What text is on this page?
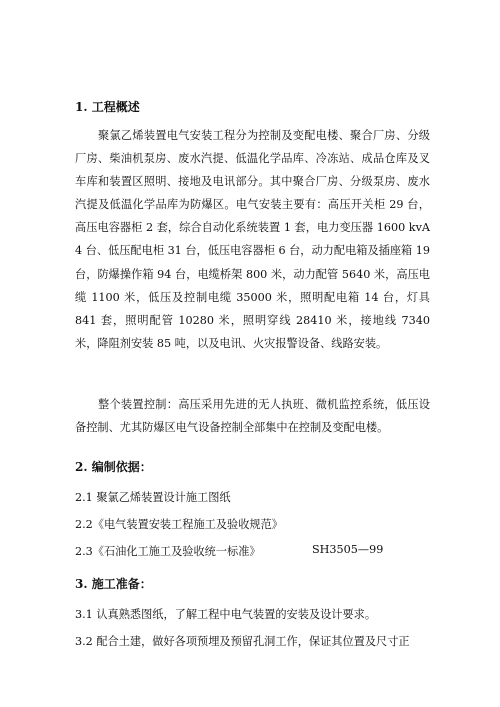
1. 工程概述

聚氯乙烯装置电气安装工程分为控制及变配电楼、聚合厂房、分级厂房、柴油机泵房、废水汽提、低温化学品库、冷冻站、成品仓库及叉车库和装置区照明、接地及电讯部分。其中聚合厂房、分级泵房、废水汽提及低温化学品库为防爆区。电气安装主要有：高压开关柜 29 台，高压电容器柜 2 套，综合自动化系统装置 1 套，电力变压器 1600 kvA 4 台、低压配电柜 31 台，低压电容器柜 6 台，动力配电箱及插座箱 19 台，防爆操作箱 94 台，电缆桥架 800 米，动力配管 5640 米，高压电缆 1100 米，低压及控制电缆 35000 米，照明配电箱 14 台，灯具 841 套，照明配管 10280 米，照明穿线 28410 米，接地线 7340 米，降阻剂安装 85 吨，以及电讯、火灾报警设备、线路安装。

整个装置控制：高压采用先进的无人执班、微机监控系统，低压设备控制、尤其防爆区电气设备控制全部集中在控制及变配电楼。

2. 编制依据：
2.1 聚氯乙烯装置设计施工图纸
2.2《电气装置安装工程施工及验收规范》
2.3《石油化工施工及验收统一标准》	SH3505—99
3. 施工准备：
3.1 认真熟悉图纸，了解工程中电气装置的安装及设计要求。
3.2 配合土建，做好各项预埋及预留孔洞工作，保证其位置及尺寸正
